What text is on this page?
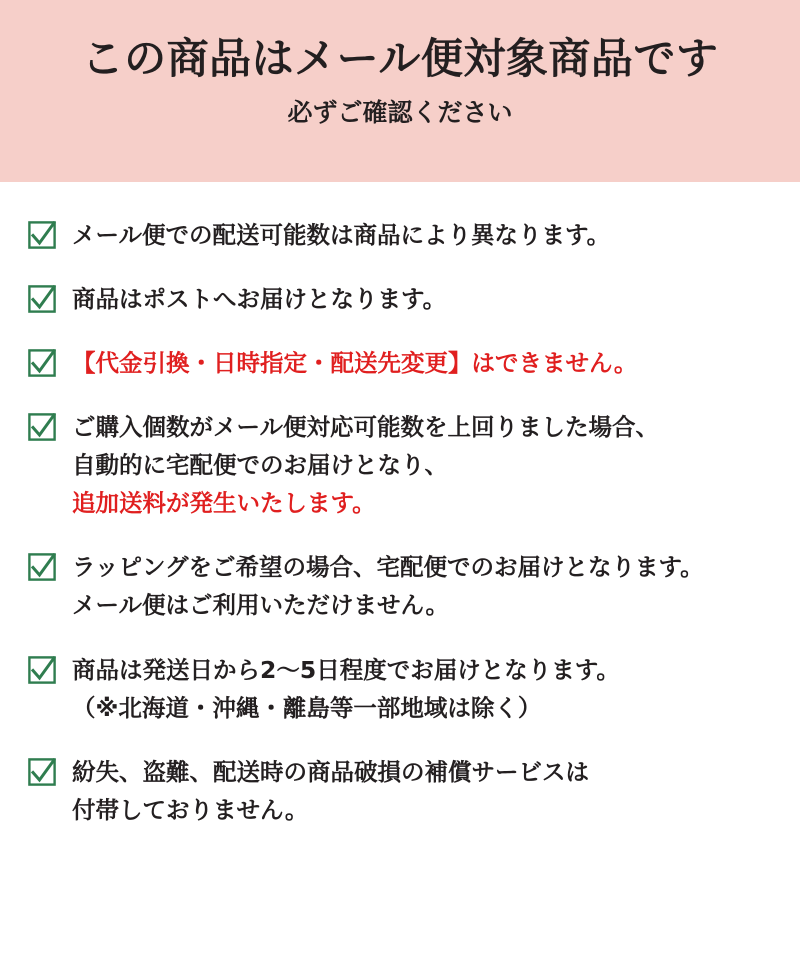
この商品はメール便対象商品です

必ずご確認ください

メール便での配送可能数は商品により異なります。
商品はポストへお届けとなります。
【代金引換・日時指定・配送先変更】はできません。
ご購入個数がメール便対応可能数を上回りました場合、
自動的に宅配便でのお届けとなり、
追加送料が発生いたします。
ラッピングをご希望の場合、宅配便でのお届けとなります。
メール便はご利用いただけません。
商品は発送日から2〜5日程度でお届けとなります。
（※北海道・沖縄・離島等一部地域は除く）
紛失、盗難、配送時の商品破損の補償サービスは
付帯しておりません。
